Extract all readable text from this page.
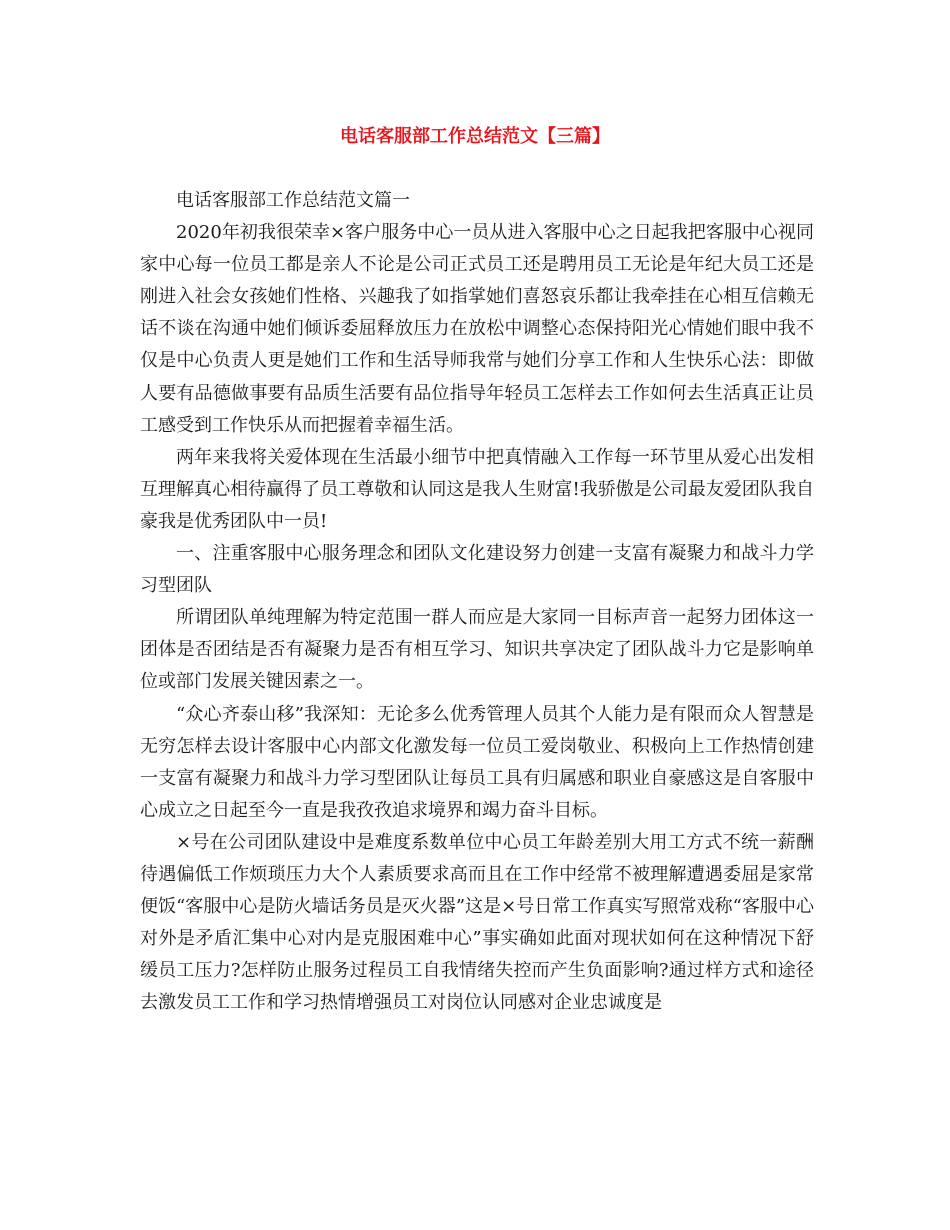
电话客服部工作总结范文【三篇】

电话客服部工作总结范文篇一

2020年初我很荣幸×客户服务中心一员从进入客服中心之日起我把客服中心视同家中心每一位员工都是亲人不论是公司正式员工还是聘用员工无论是年纪大员工还是刚进入社会女孩她们性格、兴趣我了如指掌她们喜怒哀乐都让我牵挂在心相互信赖无话不谈在沟通中她们倾诉委屈释放压力在放松中调整心态保持阳光心情她们眼中我不仅是中心负责人更是她们工作和生活导师我常与她们分享工作和人生快乐心法：即做人要有品德做事要有品质生活要有品位指导年轻员工怎样去工作如何去生活真正让员工感受到工作快乐从而把握着幸福生活。

两年来我将关爱体现在生活最小细节中把真情融入工作每一环节里从爱心出发相互理解真心相待赢得了员工尊敬和认同这是我人生财富!我骄傲是公司最友爱团队我自豪我是优秀团队中一员!

一、注重客服中心服务理念和团队文化建设努力创建一支富有凝聚力和战斗力学习型团队

所谓团队单纯理解为特定范围一群人而应是大家同一目标声音一起努力团体这一团体是否团结是否有凝聚力是否有相互学习、知识共享决定了团队战斗力它是影响单位或部门发展关键因素之一。

“众心齐泰山移”我深知：无论多么优秀管理人员其个人能力是有限而众人智慧是无穷怎样去设计客服中心内部文化激发每一位员工爱岗敬业、积极向上工作热情创建一支富有凝聚力和战斗力学习型团队让每员工具有归属感和职业自豪感这是自客服中心成立之日起至今一直是我孜孜追求境界和竭力奋斗目标。

×号在公司团队建设中是难度系数单位中心员工年龄差别大用工方式不统一薪酬待遇偏低工作烦琐压力大个人素质要求高而且在工作中经常不被理解遭遇委屈是家常便饭“客服中心是防火墙话务员是灭火器”这是×号日常工作真实写照常戏称“客服中心对外是矛盾汇集中心对内是克服困难中心”事实确如此面对现状如何在这种情况下舒缓员工压力?怎样防止服务过程员工自我情绪失控而产生负面影响?通过样方式和途径去激发员工工作和学习热情增强员工对岗位认同感对企业忠诚度是
